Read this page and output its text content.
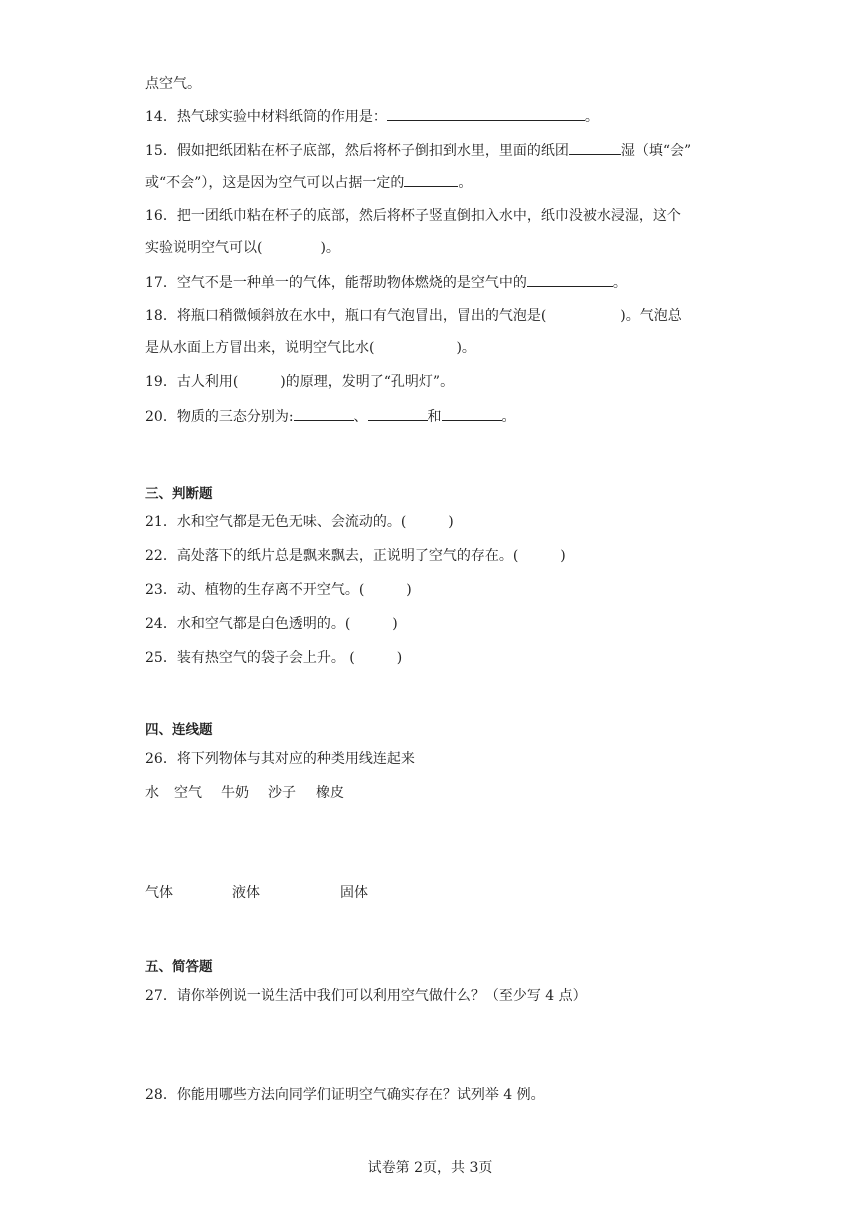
点空气。
14．热气球实验中材料纸筒的作用是：	。
15．假如把纸团粘在杯子底部，然后将杯子倒扣到水里，里面的纸团	湿（填“会”
或“不会”），这是因为空气可以占据一定的	。
16．把一团纸巾粘在杯子的底部，然后将杯子竖直倒扣入水中，纸巾没被水浸湿，这个
实验说明空气可以(	)。
17．空气不是一种单一的气体，能帮助物体燃烧的是空气中的	。
18．将瓶口稍微倾斜放在水中，瓶口有气泡冒出，冒出的气泡是(	)。气泡总
是从水面上方冒出来，说明空气比水(	)。
19．古人利用(	)的原理，发明了“孔明灯”。
20．物质的三态分别为:	、	和	。
三、判断题
21．水和空气都是无色无味、会流动的。(	)
22．高处落下的纸片总是飘来飘去，正说明了空气的存在。(	)
23．动、植物的生存离不开空气。(	)
24．水和空气都是白色透明的。(	)
25．装有热空气的袋子会上升。 (	)
四、连线题
26．将下列物体与其对应的种类用线连起来
水 空气 牛奶 沙子 橡皮
气体	液体	固体
五、简答题
27．请你举例说一说生活中我们可以利用空气做什么？（至少写 4 点）
28．你能用哪些方法向同学们证明空气确实存在？试列举 4 例。
试卷第 2页，共 3页
